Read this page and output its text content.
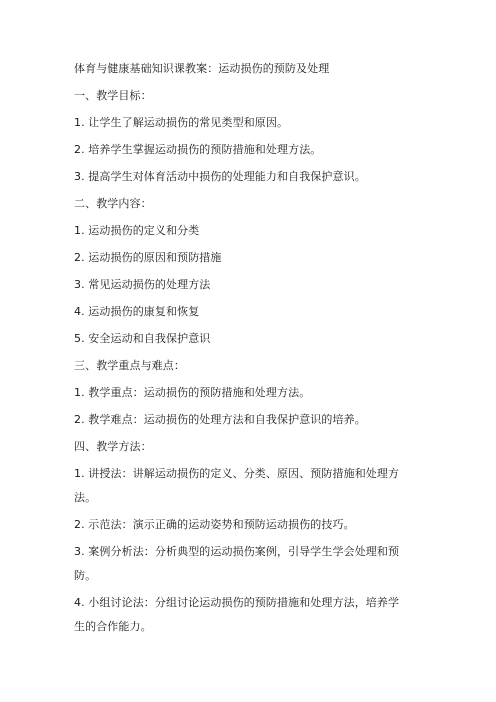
体育与健康基础知识课教案：运动损伤的预防及处理
一、教学目标：
1. 让学生了解运动损伤的常见类型和原因。
2. 培养学生掌握运动损伤的预防措施和处理方法。
3. 提高学生对体育活动中损伤的处理能力和自我保护意识。
二、教学内容：
1. 运动损伤的定义和分类
2. 运动损伤的原因和预防措施
3. 常见运动损伤的处理方法
4. 运动损伤的康复和恢复
5. 安全运动和自我保护意识
三、教学重点与难点：
1. 教学重点：运动损伤的预防措施和处理方法。
2. 教学难点：运动损伤的处理方法和自我保护意识的培养。
四、教学方法：
1. 讲授法：讲解运动损伤的定义、分类、原因、预防措施和处理方
法。
2. 示范法：演示正确的运动姿势和预防运动损伤的技巧。
3. 案例分析法：分析典型的运动损伤案例，引导学生学会处理和预
防。
4. 小组讨论法：分组讨论运动损伤的预防措施和处理方法，培养学
生的合作能力。
